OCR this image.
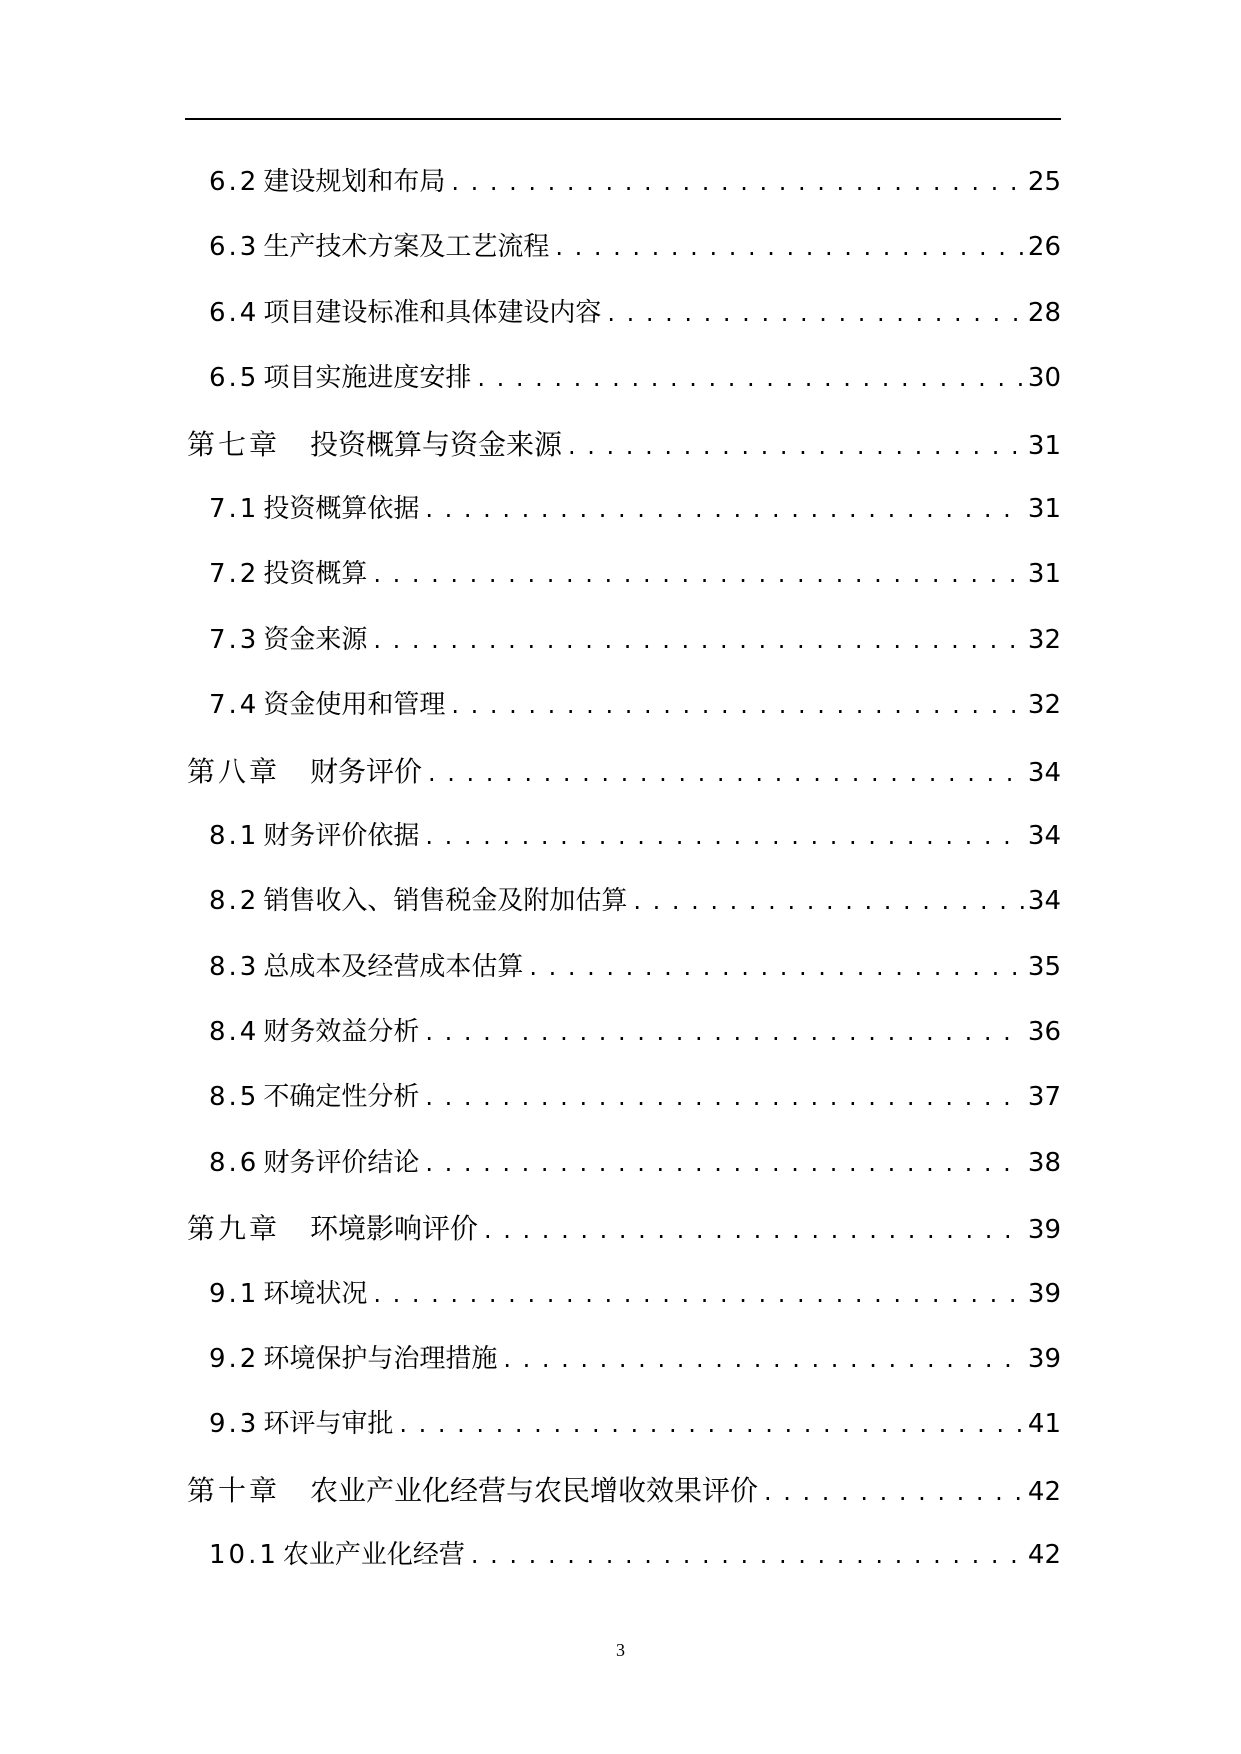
6.2 建设规划和布局 . . .	25
6.3 生产技术方案及工艺流程 . . .	26
6.4 项目建设标准和具体建设内容 . . .	28
6.5 项目实施进度安排 . . .	30
第七章 投资概算与资金来源 . . .	31
7.1 投资概算依据 . . .	31
7.2 投资概算 . . .	31
7.3 资金来源 . . .	32
7.4 资金使用和管理 . . .	32
第八章 财务评价 . . .	34
8.1 财务评价依据 . . .	34
8.2 销售收入、销售税金及附加估算 . . .	34
8.3 总成本及经营成本估算 . . .	35
8.4 财务效益分析 . . .	36
8.5 不确定性分析 . . .	37
8.6 财务评价结论 . . .	38
第九章 环境影响评价 . . .	39
9.1 环境状况 . . .	39
9.2 环境保护与治理措施 . . .	39
9.3 环评与审批 . . .	41
第十章 农业产业化经营与农民增收效果评价 . . .	42
10.1 农业产业化经营 . . .	42
3
